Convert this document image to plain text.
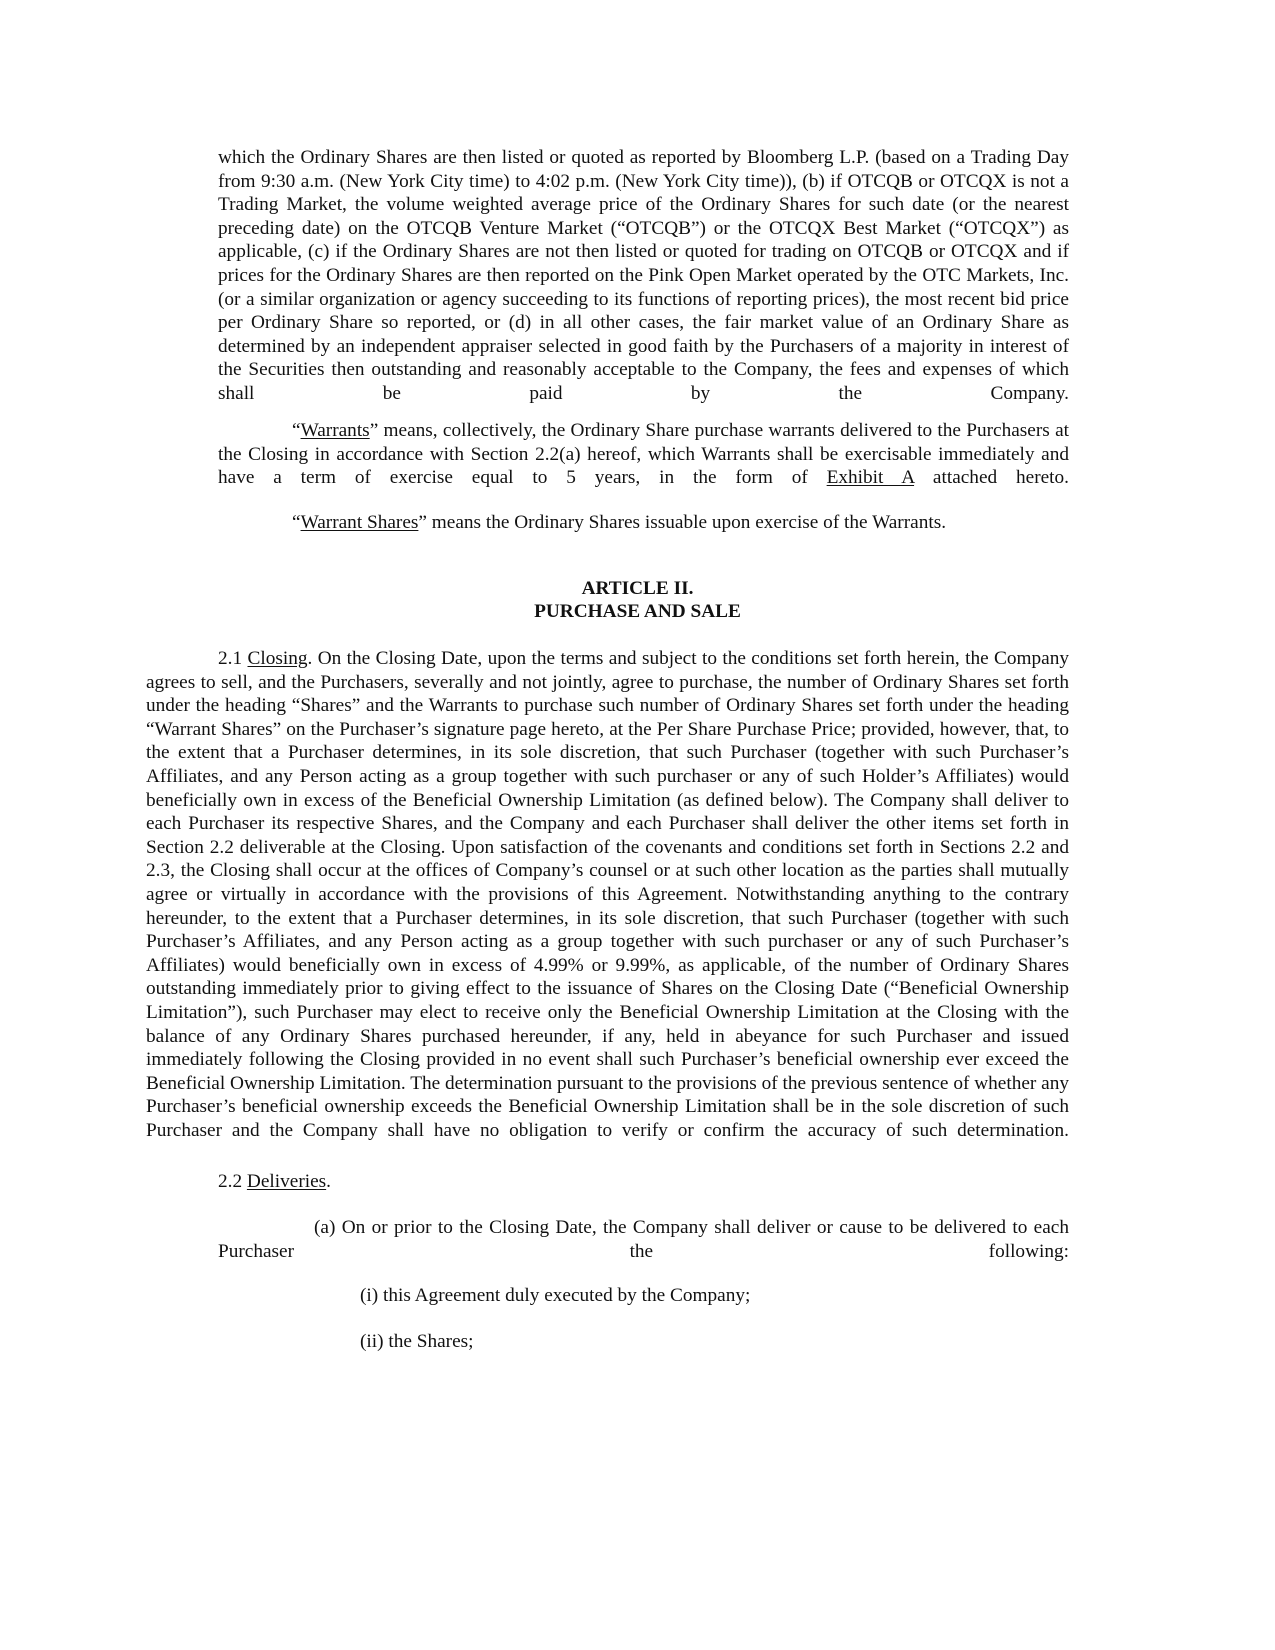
which the Ordinary Shares are then listed or quoted as reported by Bloomberg L.P. (based on a Trading Day from 9:30 a.m. (New York City time) to 4:02 p.m. (New York City time)), (b) if OTCQB or OTCQX is not a Trading Market, the volume weighted average price of the Ordinary Shares for such date (or the nearest preceding date) on the OTCQB Venture Market (“OTCQB”) or the OTCQX Best Market (“OTCQX”) as applicable, (c) if the Ordinary Shares are not then listed or quoted for trading on OTCQB or OTCQX and if prices for the Ordinary Shares are then reported on the Pink Open Market operated by the OTC Markets, Inc. (or a similar organization or agency succeeding to its functions of reporting prices), the most recent bid price per Ordinary Share so reported, or (d) in all other cases, the fair market value of an Ordinary Share as determined by an independent appraiser selected in good faith by the Purchasers of a majority in interest of the Securities then outstanding and reasonably acceptable to the Company, the fees and expenses of which shall be paid by the Company.

“Warrants” means, collectively, the Ordinary Share purchase warrants delivered to the Purchasers at the Closing in accordance with Section 2.2(a) hereof, which Warrants shall be exercisable immediately and have a term of exercise equal to 5 years, in the form of Exhibit A attached hereto.

“Warrant Shares” means the Ordinary Shares issuable upon exercise of the Warrants.

ARTICLE II.

PURCHASE AND SALE

2.1 Closing. On the Closing Date, upon the terms and subject to the conditions set forth herein, the Company agrees to sell, and the Purchasers, severally and not jointly, agree to purchase, the number of Ordinary Shares set forth under the heading “Shares” and the Warrants to purchase such number of Ordinary Shares set forth under the heading “Warrant Shares” on the Purchaser’s signature page hereto, at the Per Share Purchase Price; provided, however, that, to the extent that a Purchaser determines, in its sole discretion, that such Purchaser (together with such Purchaser’s Affiliates, and any Person acting as a group together with such purchaser or any of such Holder’s Affiliates) would beneficially own in excess of the Beneficial Ownership Limitation (as defined below). The Company shall deliver to each Purchaser its respective Shares, and the Company and each Purchaser shall deliver the other items set forth in Section 2.2 deliverable at the Closing. Upon satisfaction of the covenants and conditions set forth in Sections 2.2 and 2.3, the Closing shall occur at the offices of Company’s counsel or at such other location as the parties shall mutually agree or virtually in accordance with the provisions of this Agreement. Notwithstanding anything to the contrary hereunder, to the extent that a Purchaser determines, in its sole discretion, that such Purchaser (together with such Purchaser’s Affiliates, and any Person acting as a group together with such purchaser or any of such Purchaser’s Affiliates) would beneficially own in excess of 4.99% or 9.99%, as applicable, of the number of Ordinary Shares outstanding immediately prior to giving effect to the issuance of Shares on the Closing Date (“Beneficial Ownership Limitation”), such Purchaser may elect to receive only the Beneficial Ownership Limitation at the Closing with the balance of any Ordinary Shares purchased hereunder, if any, held in abeyance for such Purchaser and issued immediately following the Closing provided in no event shall such Purchaser’s beneficial ownership ever exceed the Beneficial Ownership Limitation. The determination pursuant to the provisions of the previous sentence of whether any Purchaser’s beneficial ownership exceeds the Beneficial Ownership Limitation shall be in the sole discretion of such Purchaser and the Company shall have no obligation to verify or confirm the accuracy of such determination.

2.2 Deliveries.

(a) On or prior to the Closing Date, the Company shall deliver or cause to be delivered to each Purchaser the following:

(i) this Agreement duly executed by the Company;

(ii) the Shares;
